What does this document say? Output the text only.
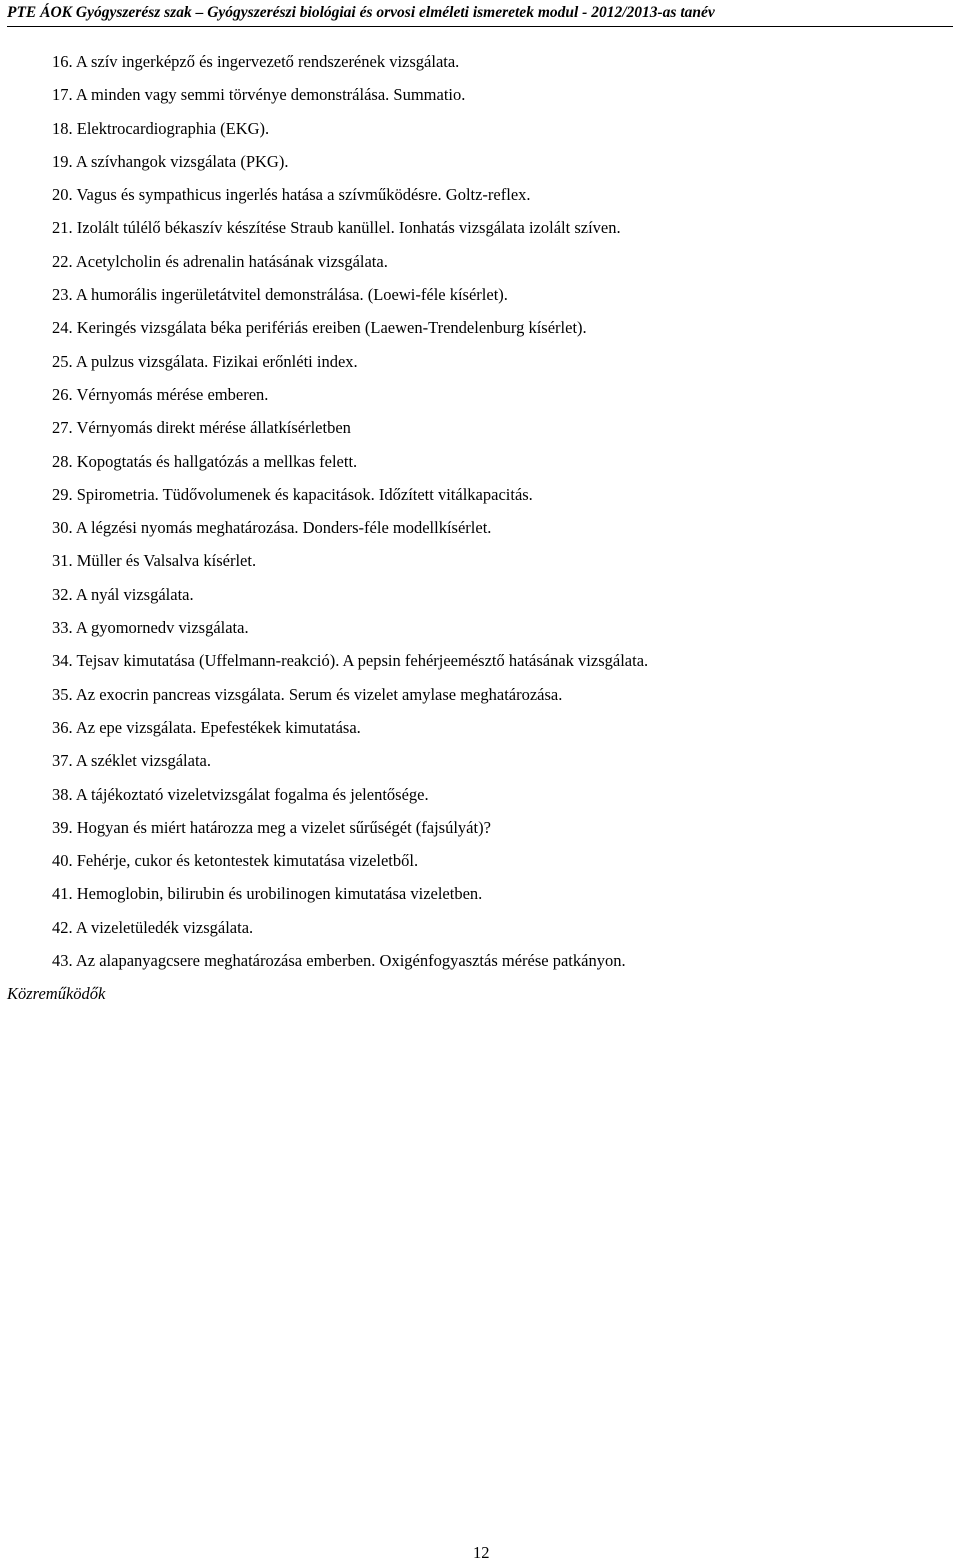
PTE ÁOK Gyógyszerész szak – Gyógyszerészi biológiai és orvosi elméleti ismeretek modul - 2012/2013-as tanév
16. A szív ingerképző és ingervezető rendszerének vizsgálata.
17. A minden vagy semmi törvénye demonstrálása. Summatio.
18. Elektrocardiographia (EKG).
19. A szívhangok vizsgálata (PKG).
20. Vagus és sympathicus ingerlés hatása a szívműködésre. Goltz-reflex.
21. Izolált túlélő békaszív készítése Straub kanüllel. Ionhatás vizsgálata izolált szíven.
22. Acetylcholin és adrenalin hatásának vizsgálata.
23. A humorális ingerületátvitel demonstrálása. (Loewi-féle kísérlet).
24. Keringés vizsgálata béka perifériás ereiben (Laewen-Trendelenburg kísérlet).
25. A pulzus vizsgálata. Fizikai erőnléti index.
26. Vérnyomás mérése emberen.
27. Vérnyomás direkt mérése állatkísérletben
28. Kopogtatás és hallgatózás a mellkas felett.
29. Spirometria. Tüdővolumenek és kapacitások. Időzített vitálkapacitás.
30. A légzési nyomás meghatározása. Donders-féle modellkísérlet.
31. Müller és Valsalva kísérlet.
32. A nyál vizsgálata.
33. A gyomornedv vizsgálata.
34. Tejsav kimutatása (Uffelmann-reakció). A pepsin fehérjeemésztő hatásának vizsgálata.
35. Az exocrin pancreas vizsgálata. Serum és vizelet amylase meghatározása.
36. Az epe vizsgálata. Epefestékek kimutatása.
37. A széklet vizsgálata.
38. A tájékoztató vizeletvizsgálat fogalma és jelentősége.
39. Hogyan és miért határozza meg a vizelet sűrűségét (fajsúlyát)?
40. Fehérje, cukor és ketontestek kimutatása vizeletből.
41. Hemoglobin, bilirubin és urobilinogen kimutatása vizeletben.
42. A vizeletüledék vizsgálata.
43. Az alapanyagcsere meghatározása emberben. Oxigénfogyasztás mérése patkányon.
Közreműködők
12
